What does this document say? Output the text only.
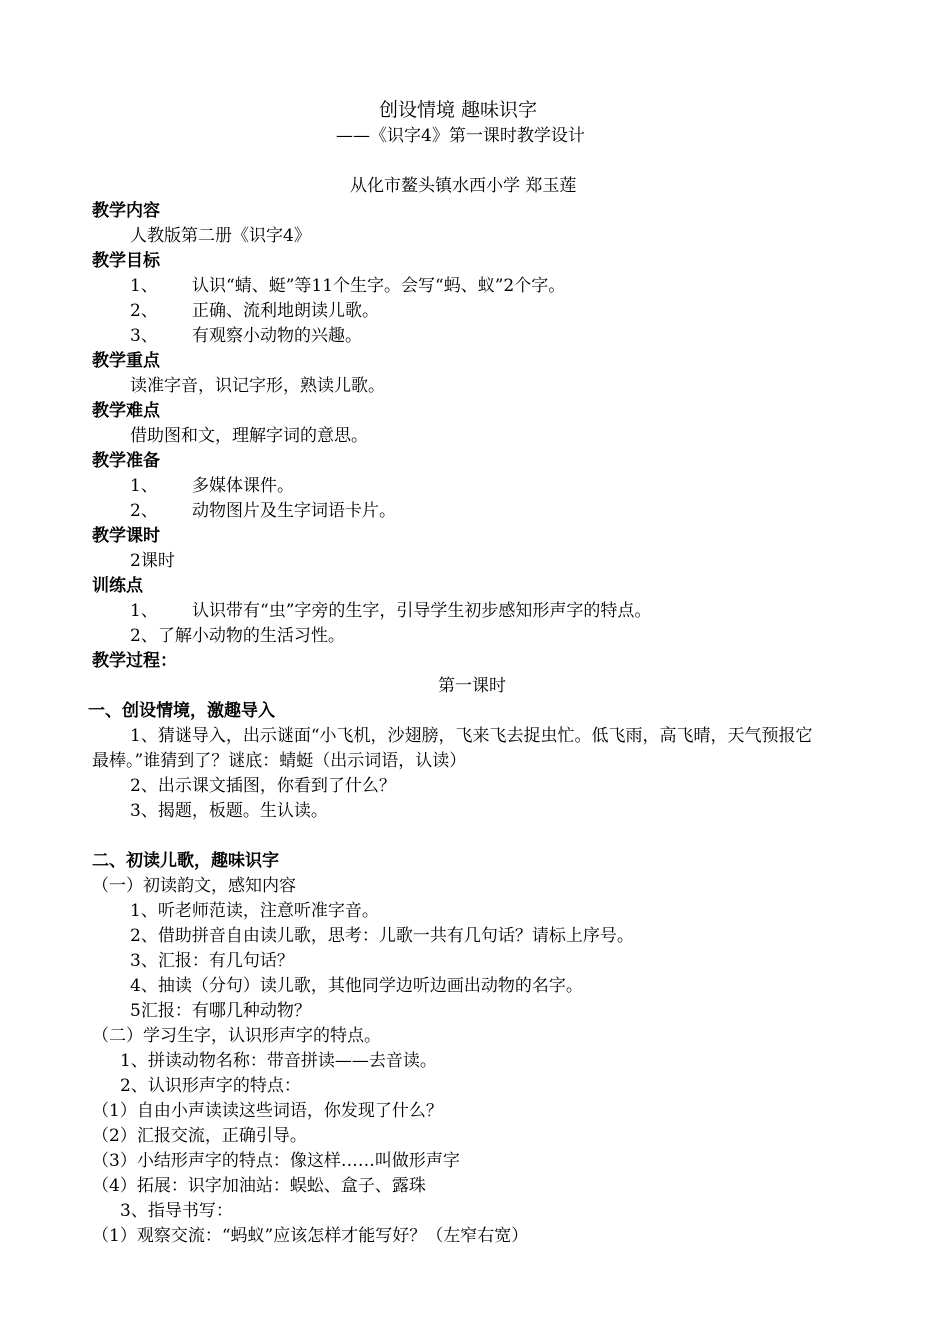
创设情境 趣味识字
——《识字4》第一课时教学设计
从化市鳌头镇水西小学 郑玉莲
教学内容
人教版第二册《识字4》
教学目标
1、 认识“蜻、蜓”等11个生字。会写“蚂、蚁”2个字。
2、 正确、流利地朗读儿歌。
3、 有观察小动物的兴趣。
教学重点
读准字音，识记字形，熟读儿歌。
教学难点
借助图和文，理解字词的意思。
教学准备
1、 多媒体课件。
2、 动物图片及生字词语卡片。
教学课时
2课时
训练点
1、 认识带有“虫”字旁的生字，引导学生初步感知形声字的特点。
2、了解小动物的生活习性。
教学过程：
第一课时
一、创设情境，激趣导入
1、猜谜导入，出示谜面“小飞机，沙翅膀，飞来飞去捉虫忙。低飞雨，高飞晴，天气预报它
最棒。”谁猜到了？谜底：蜻蜓（出示词语，认读）
2、出示课文插图，你看到了什么？
3、揭题，板题。生认读。
二、初读儿歌，趣味识字
（一）初读韵文，感知内容
1、听老师范读，注意听准字音。
2、借助拼音自由读儿歌，思考：儿歌一共有几句话？请标上序号。
3、汇报：有几句话？
4、抽读（分句）读儿歌，其他同学边听边画出动物的名字。
5汇报：有哪几种动物？
（二）学习生字，认识形声字的特点。
1、拼读动物名称：带音拼读——去音读。
2、认识形声字的特点：
（1）自由小声读读这些词语，你发现了什么？
（2）汇报交流，正确引导。
（3）小结形声字的特点：像这样……叫做形声字
（4）拓展：识字加油站：蜈蚣、盒子、露珠
3、指导书写：
（1）观察交流：“蚂蚁”应该怎样才能写好？（左窄右宽）
